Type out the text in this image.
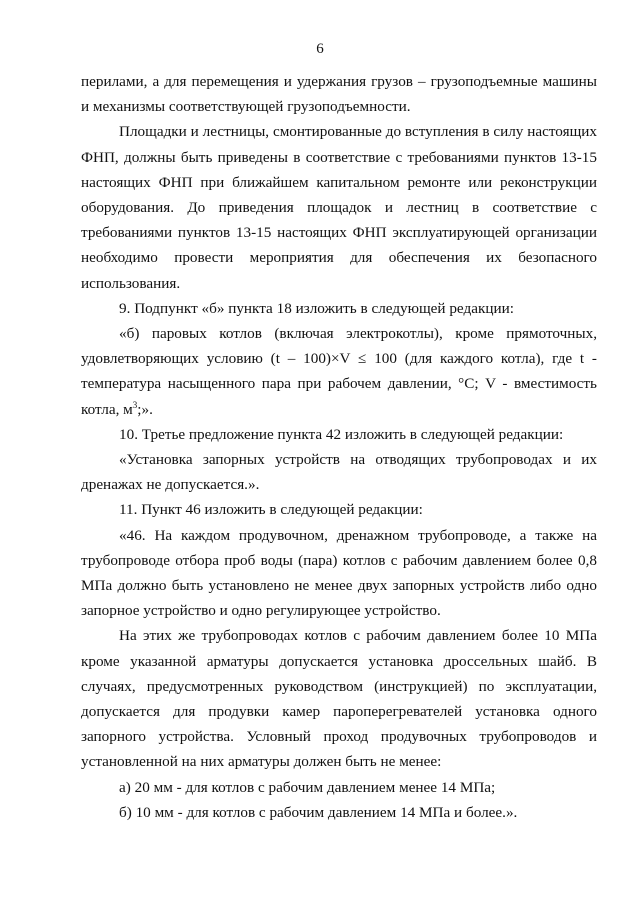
6

перилами, а для перемещения и удержания грузов – грузоподъемные машины и механизмы соответствующей грузоподъемности.

Площадки и лестницы, смонтированные до вступления в силу настоящих ФНП, должны быть приведены в соответствие с требованиями пунктов 13-15 настоящих ФНП при ближайшем капитальном ремонте или реконструкции оборудования. До приведения площадок и лестниц в соответствие с требованиями пунктов 13-15 настоящих ФНП эксплуатирующей организации необходимо провести мероприятия для обеспечения их безопасного использования.

9. Подпункт «б» пункта 18 изложить в следующей редакции:

«б) паровых котлов (включая электрокотлы), кроме прямоточных, удовлетворяющих условию (t – 100)×V ≤ 100 (для каждого котла), где t - температура насыщенного пара при рабочем давлении, °С; V - вместимость котла, $м^3$;».

10. Третье предложение пункта 42 изложить в следующей редакции:

«Установка запорных устройств на отводящих трубопроводах и их дренажах не допускается.».

11. Пункт 46 изложить в следующей редакции:

«46. На каждом продувочном, дренажном трубопроводе, а также на трубопроводе отбора проб воды (пара) котлов с рабочим давлением более 0,8 МПа должно быть установлено не менее двух запорных устройств либо одно запорное устройство и одно регулирующее устройство.

На этих же трубопроводах котлов с рабочим давлением более 10 МПа кроме указанной арматуры допускается установка дроссельных шайб. В случаях, предусмотренных руководством (инструкцией) по эксплуатации, допускается для продувки камер пароперегревателей установка одного запорного устройства. Условный проход продувочных трубопроводов и установленной на них арматуры должен быть не менее:

а) 20 мм - для котлов с рабочим давлением менее 14 МПа;

б) 10 мм - для котлов с рабочим давлением 14 МПа и более.».
